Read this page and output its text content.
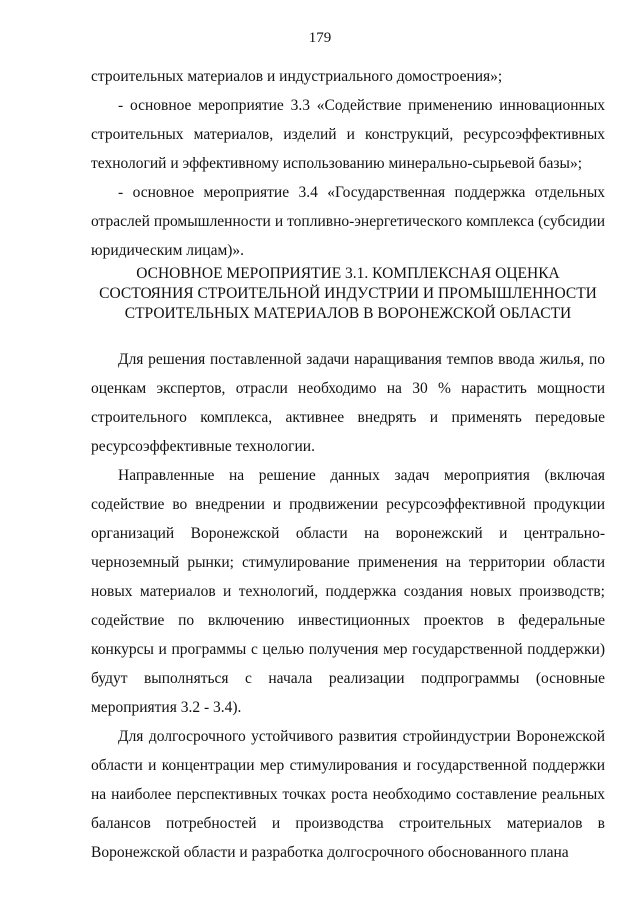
179

строительных материалов и индустриального домостроения»;

- основное мероприятие 3.3 «Содействие применению инновационных строительных материалов, изделий и конструкций, ресурсоэффективных технологий и эффективному использованию минерально-сырьевой базы»;

- основное мероприятие 3.4 «Государственная поддержка отдельных отраслей промышленности и топливно-энергетического комплекса (субсидии юридическим лицам)».

ОСНОВНОЕ МЕРОПРИЯТИЕ 3.1. КОМПЛЕКСНАЯ ОЦЕНКА
СОСТОЯНИЯ СТРОИТЕЛЬНОЙ ИНДУСТРИИ И ПРОМЫШЛЕННОСТИ
СТРОИТЕЛЬНЫХ МАТЕРИАЛОВ В ВОРОНЕЖСКОЙ ОБЛАСТИ

Для решения поставленной задачи наращивания темпов ввода жилья, по оценкам экспертов, отрасли необходимо на 30 % нарастить мощности строительного комплекса, активнее внедрять и применять передовые ресурсоэффективные технологии.

Направленные на решение данных задач мероприятия (включая содействие во внедрении и продвижении ресурсоэффективной продукции организаций Воронежской области на воронежский и центрально-черноземный рынки; стимулирование применения на территории области новых материалов и технологий, поддержка создания новых производств; содействие по включению инвестиционных проектов в федеральные конкурсы и программы с целью получения мер государственной поддержки) будут выполняться с начала реализации подпрограммы (основные мероприятия 3.2 - 3.4).

Для долгосрочного устойчивого развития стройиндустрии Воронежской области и концентрации мер стимулирования и государственной поддержки на наиболее перспективных точках роста необходимо составление реальных балансов потребностей и производства строительных материалов в Воронежской области и разработка долгосрочного обоснованного плана
